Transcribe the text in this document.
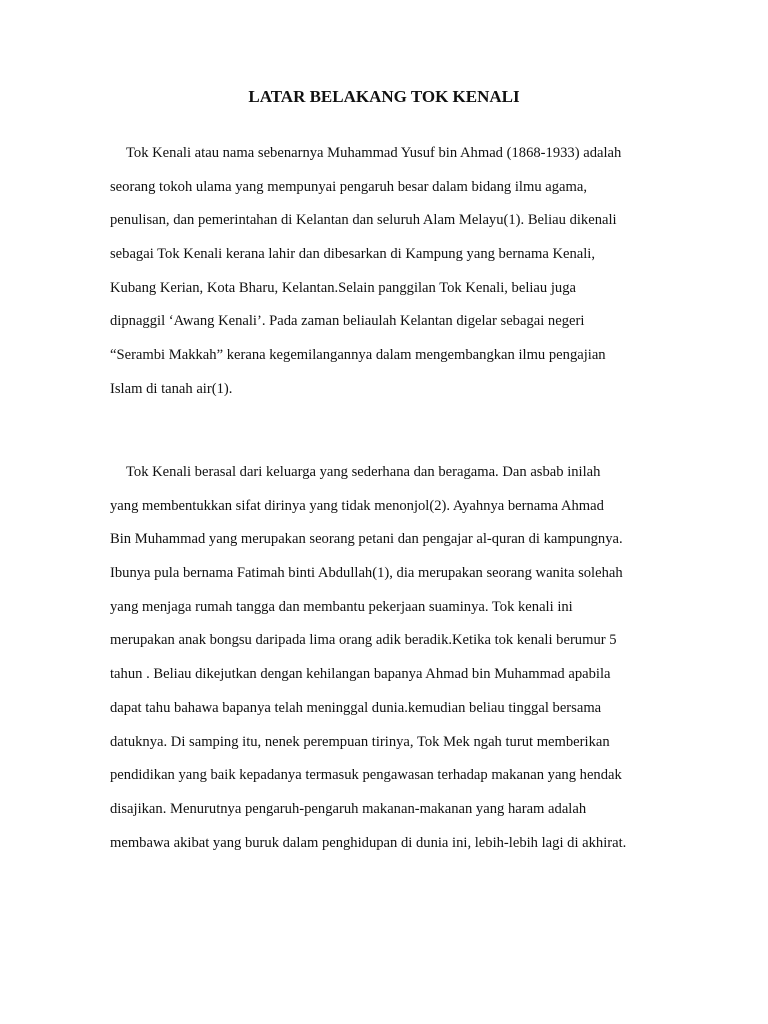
LATAR BELAKANG TOK KENALI
Tok Kenali atau nama sebenarnya Muhammad Yusuf bin Ahmad (1868-1933) adalah
seorang tokoh ulama yang mempunyai pengaruh besar dalam bidang ilmu agama,
penulisan, dan pemerintahan di Kelantan dan seluruh Alam Melayu(1). Beliau dikenali
sebagai Tok Kenali kerana lahir dan dibesarkan di Kampung yang bernama Kenali,
Kubang Kerian, Kota Bharu, Kelantan.Selain panggilan Tok Kenali, beliau juga
dipnaggil ‘Awang Kenali’. Pada zaman beliaulah Kelantan digelar sebagai negeri
“Serambi Makkah” kerana kegemilangannya dalam mengembangkan ilmu pengajian
Islam di tanah air(1).
Tok Kenali berasal dari keluarga yang sederhana dan beragama. Dan asbab inilah
yang membentukkan sifat dirinya yang tidak menonjol(2). Ayahnya bernama Ahmad
Bin Muhammad yang merupakan seorang petani dan pengajar al-quran di kampungnya.
Ibunya pula bernama Fatimah binti Abdullah(1), dia merupakan seorang wanita solehah
yang menjaga rumah tangga dan membantu pekerjaan suaminya. Tok kenali ini
merupakan anak bongsu daripada lima orang adik beradik.Ketika tok kenali berumur 5
tahun . Beliau dikejutkan dengan kehilangan bapanya Ahmad bin Muhammad apabila
dapat tahu bahawa bapanya telah meninggal dunia.kemudian beliau tinggal bersama
datuknya. Di samping itu, nenek perempuan tirinya, Tok Mek ngah turut memberikan
pendidikan yang baik kepadanya termasuk pengawasan terhadap makanan yang hendak
disajikan. Menurutnya pengaruh-pengaruh makanan-makanan yang haram adalah
membawa akibat yang buruk dalam penghidupan di dunia ini, lebih-lebih lagi di akhirat.
